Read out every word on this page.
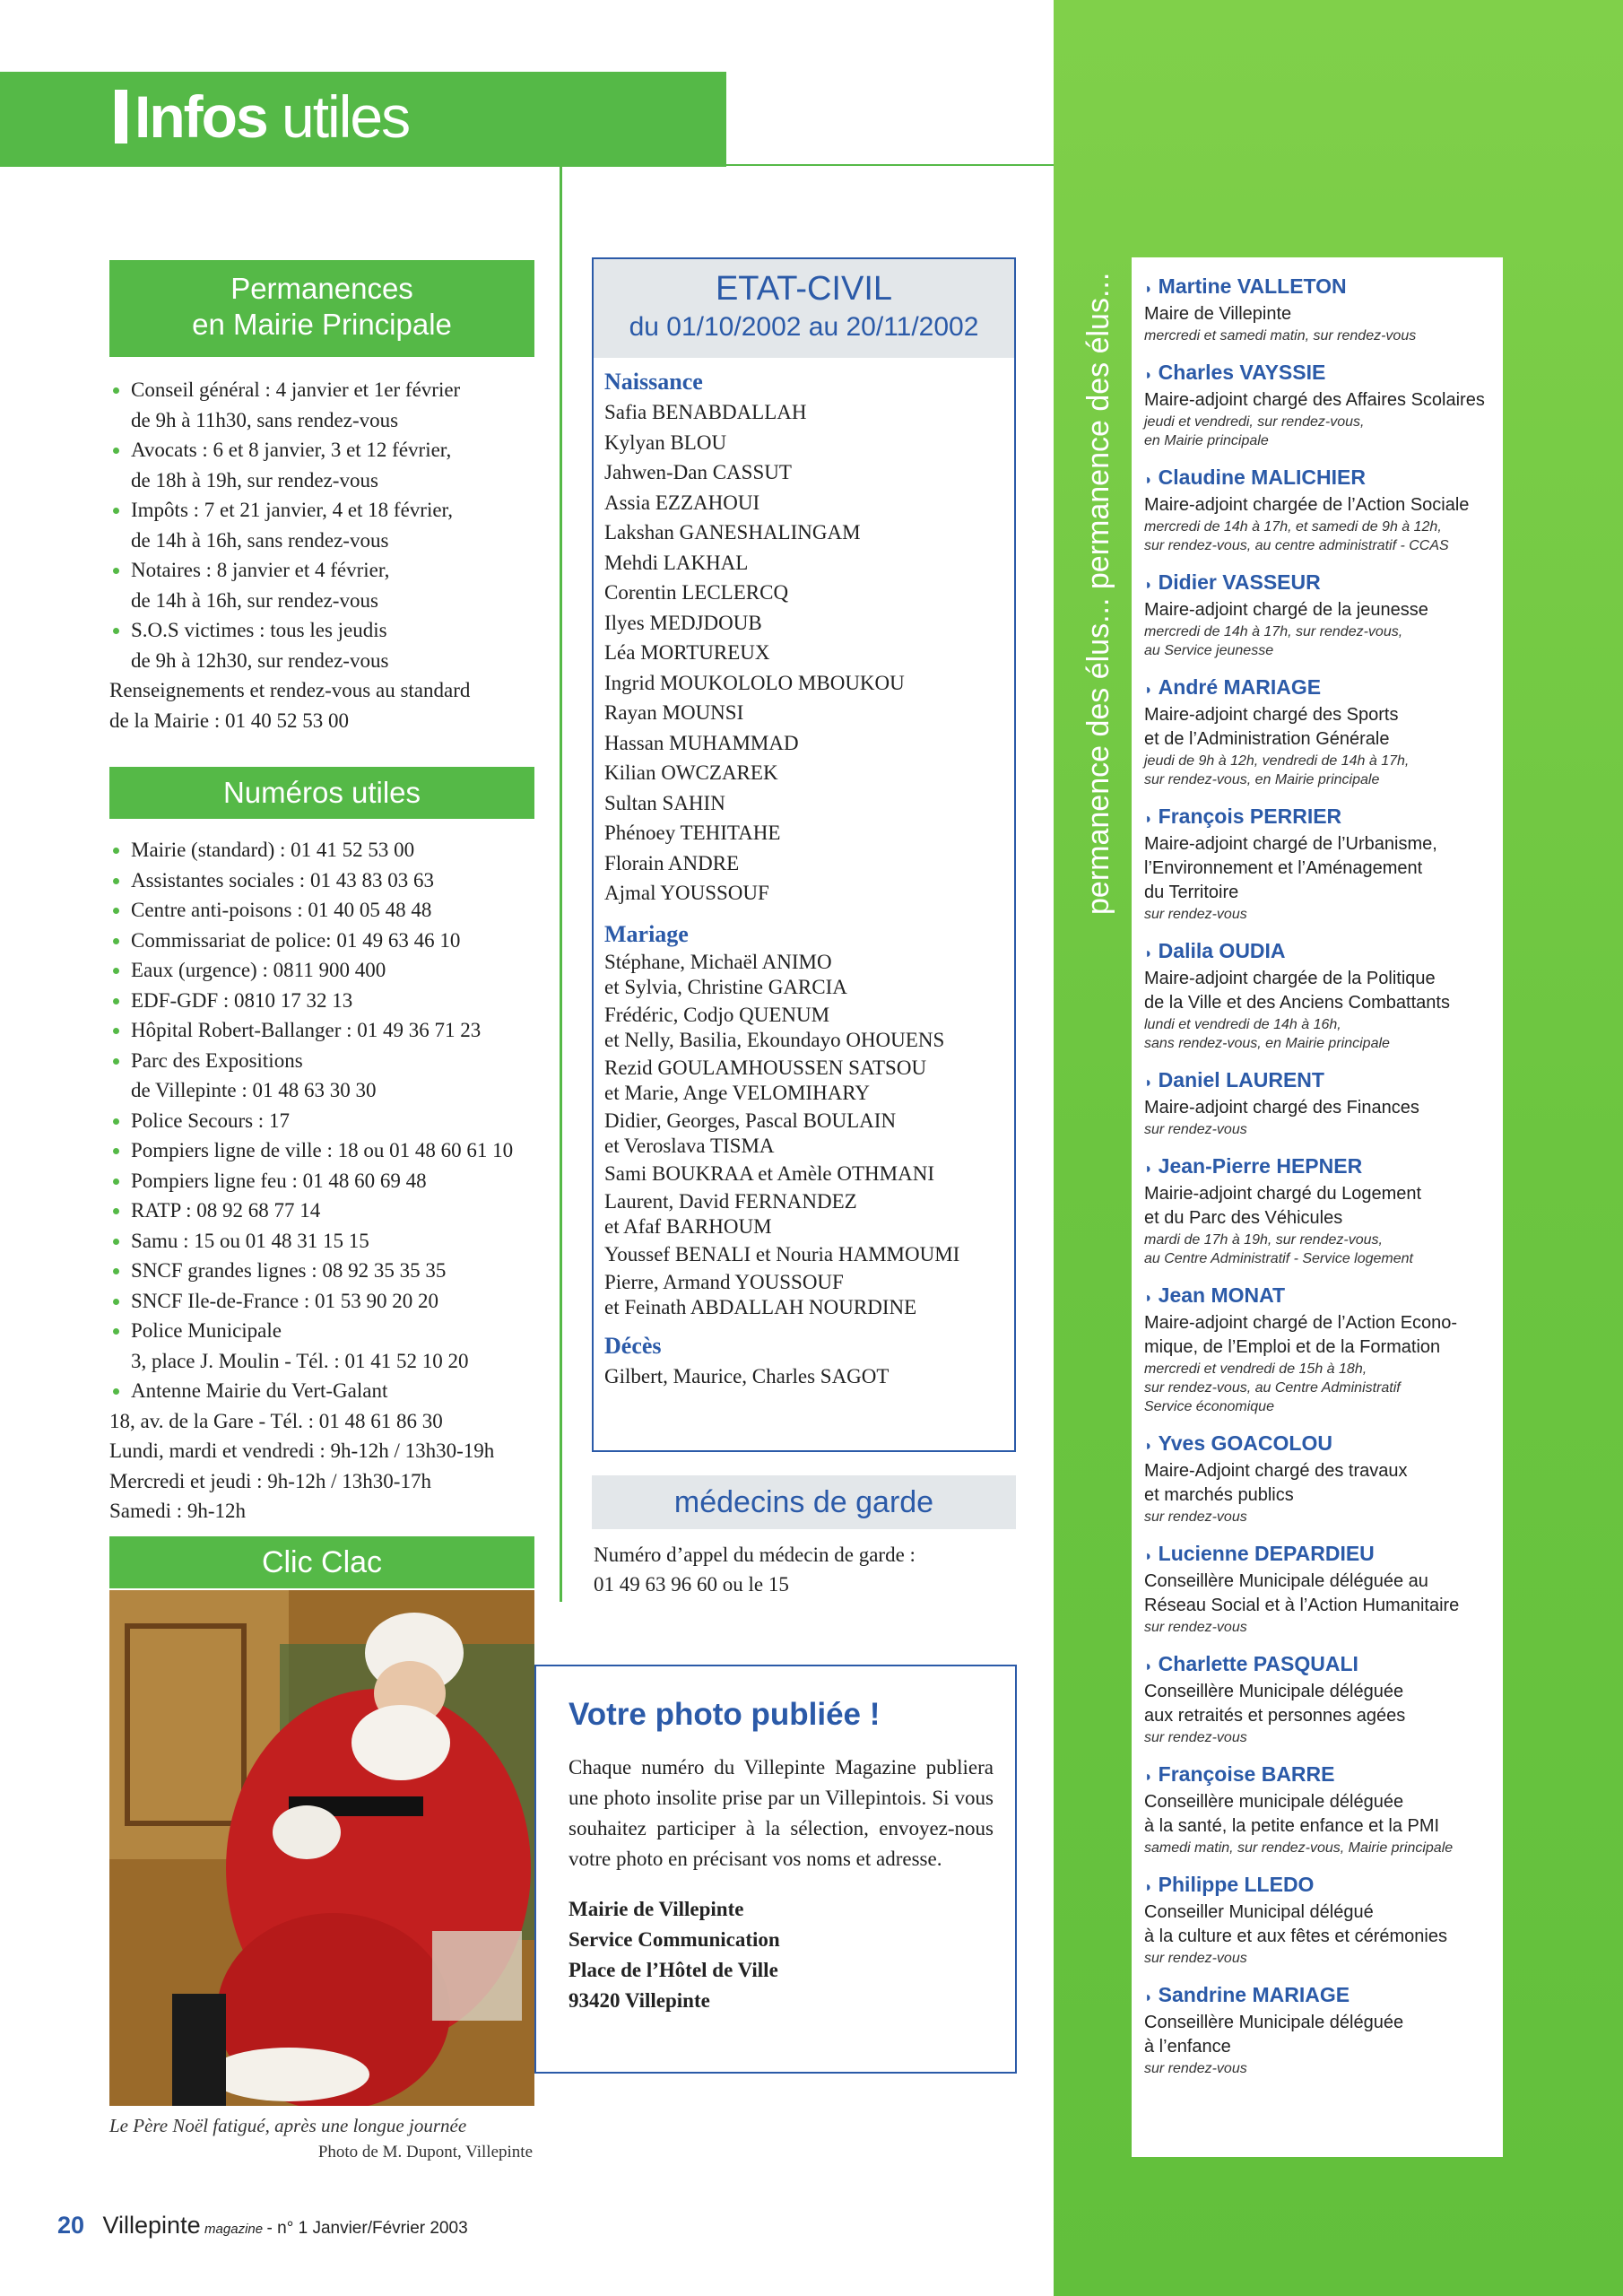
Infos utiles
Permanences
en Mairie Principale
Conseil général : 4 janvier et 1er février
de 9h à 11h30, sans rendez-vous
Avocats : 6 et 8 janvier, 3 et 12 février,
de 18h à 19h, sur rendez-vous
Impôts : 7 et 21 janvier, 4 et 18 février,
de 14h à 16h, sans rendez-vous
Notaires : 8 janvier et 4 février,
de 14h à 16h, sur rendez-vous
S.O.S victimes : tous les jeudis
de 9h à 12h30, sur rendez-vous
Renseignements et rendez-vous au standard
de la Mairie : 01 40 52 53 00
Numéros utiles
Mairie (standard) : 01 41 52 53 00
Assistantes sociales : 01 43 83 03 63
Centre anti-poisons : 01 40 05 48 48
Commissariat de police: 01 49 63 46 10
Eaux (urgence) : 0811 900 400
EDF-GDF : 0810 17 32 13
Hôpital Robert-Ballanger : 01 49 36 71 23
Parc des Expositions
de Villepinte : 01 48 63 30 30
Police Secours : 17
Pompiers ligne de ville : 18 ou 01 48 60 61 10
Pompiers ligne feu : 01 48 60 69 48
RATP : 08 92 68 77 14
Samu : 15 ou 01 48 31 15 15
SNCF grandes lignes : 08 92 35 35 35
SNCF Ile-de-France : 01 53 90 20 20
Police Municipale
3, place J. Moulin - Tél. : 01 41 52 10 20
Antenne Mairie du Vert-Galant
18, av. de la Gare - Tél. : 01 48 61 86 30
Lundi, mardi et vendredi : 9h-12h / 13h30-19h
Mercredi et jeudi : 9h-12h / 13h30-17h
Samedi : 9h-12h
Clic Clac
Le Père Noël fatigué, après une longue journée
Photo de M. Dupont, Villepinte
ETAT-CIVIL
du 01/10/2002 au 20/11/2002
Naissance
Safia BENABDALLAH
Kylyan BLOU
Jahwen-Dan CASSUT
Assia EZZAHOUI
Lakshan GANESHALINGAM
Mehdi LAKHAL
Corentin LECLERCQ
Ilyes MEDJDOUB
Léa MORTUREUX
Ingrid MOUKOLOLO MBOUKOU
Rayan MOUNSI
Hassan MUHAMMAD
Kilian OWCZAREK
Sultan SAHIN
Phénoey TEHITAHE
Florain ANDRE
Ajmal YOUSSOUF
Mariage
Stéphane, Michaël ANIMO
et Sylvia, Christine GARCIA
Frédéric, Codjo QUENUM
et Nelly, Basilia, Ekoundayo OHOUENS
Rezid GOULAMHOUSSEN SATSOU
et Marie, Ange VELOMIHARY
Didier, Georges, Pascal BOULAIN
et Veroslava TISMA
Sami BOUKRAA et Amèle OTHMANI
Laurent, David FERNANDEZ
et Afaf BARHOUM
Youssef BENALI et Nouria HAMMOUMI
Pierre, Armand YOUSSOUF
et Feinath ABDALLAH NOURDINE
Décès
Gilbert, Maurice, Charles SAGOT
médecins de garde
Numéro d’appel du médecin de garde :
01 49 63 96 60 ou le 15
Votre photo publiée !
Chaque numéro du Villepinte Magazine publiera une photo insolite prise par un Villepintois. Si vous souhaitez participer à la sélection, envoyez-nous votre photo en précisant vos noms et adresse.
Mairie de Villepinte
Service Communication
Place de l’Hôtel de Ville
93420 Villepinte
permanence des élus... permanence des élus...	◗ Martine VALLETON
Maire de Villepinte
mercredi et samedi matin, sur rendez-vous
◗ Charles VAYSSIE
Maire-adjoint chargé des Affaires Scolaires
jeudi et vendredi, sur rendez-vous,
en Mairie principale
◗ Claudine MALICHIER
Maire-adjoint chargée de l’Action Sociale
mercredi de 14h à 17h, et samedi de 9h à 12h,
sur rendez-vous, au centre administratif - CCAS
◗ Didier VASSEUR
Maire-adjoint chargé de la jeunesse
mercredi de 14h à 17h, sur rendez-vous,
au Service jeunesse
◗ André MARIAGE
Maire-adjoint chargé des Sports
et de l’Administration Générale
jeudi de 9h à 12h, vendredi de 14h à 17h,
sur rendez-vous, en Mairie principale
◗ François PERRIER
Maire-adjoint chargé de l’Urbanisme,
l’Environnement et l’Aménagement
du Territoire
sur rendez-vous
◗ Dalila OUDIA
Maire-adjoint chargée de la Politique
de la Ville et des Anciens Combattants
lundi et vendredi de 14h à 16h,
sans rendez-vous, en Mairie principale
◗ Daniel LAURENT
Maire-adjoint chargé des Finances
sur rendez-vous
◗ Jean-Pierre HEPNER
Mairie-adjoint chargé du Logement
et du Parc des Véhicules
mardi de 17h à 19h, sur rendez-vous,
au Centre Administratif - Service logement
◗ Jean MONAT
Maire-adjoint chargé de l’Action Econo-
mique, de l’Emploi et de la Formation
mercredi et vendredi de 15h à 18h,
sur rendez-vous, au Centre Administratif
Service économique
◗ Yves GOACOLOU
Maire-Adjoint chargé des travaux
et marchés publics
sur rendez-vous
◗ Lucienne DEPARDIEU
Conseillère Municipale déléguée au
Réseau Social et à l’Action Humanitaire
sur rendez-vous
◗ Charlette PASQUALI
Conseillère Municipale déléguée
aux retraités et personnes agées
sur rendez-vous
◗ Françoise BARRE
Conseillère municipale déléguée
à la santé, la petite enfance et la PMI
samedi matin, sur rendez-vous, Mairie principale
◗ Philippe LLEDO
Conseiller Municipal délégué
à la culture et aux fêtes et cérémonies
sur rendez-vous
◗ Sandrine MARIAGE
Conseillère Municipale déléguée
à l’enfance
sur rendez-vous
20 Villepinte magazine - n° 1 Janvier/Février 2003
